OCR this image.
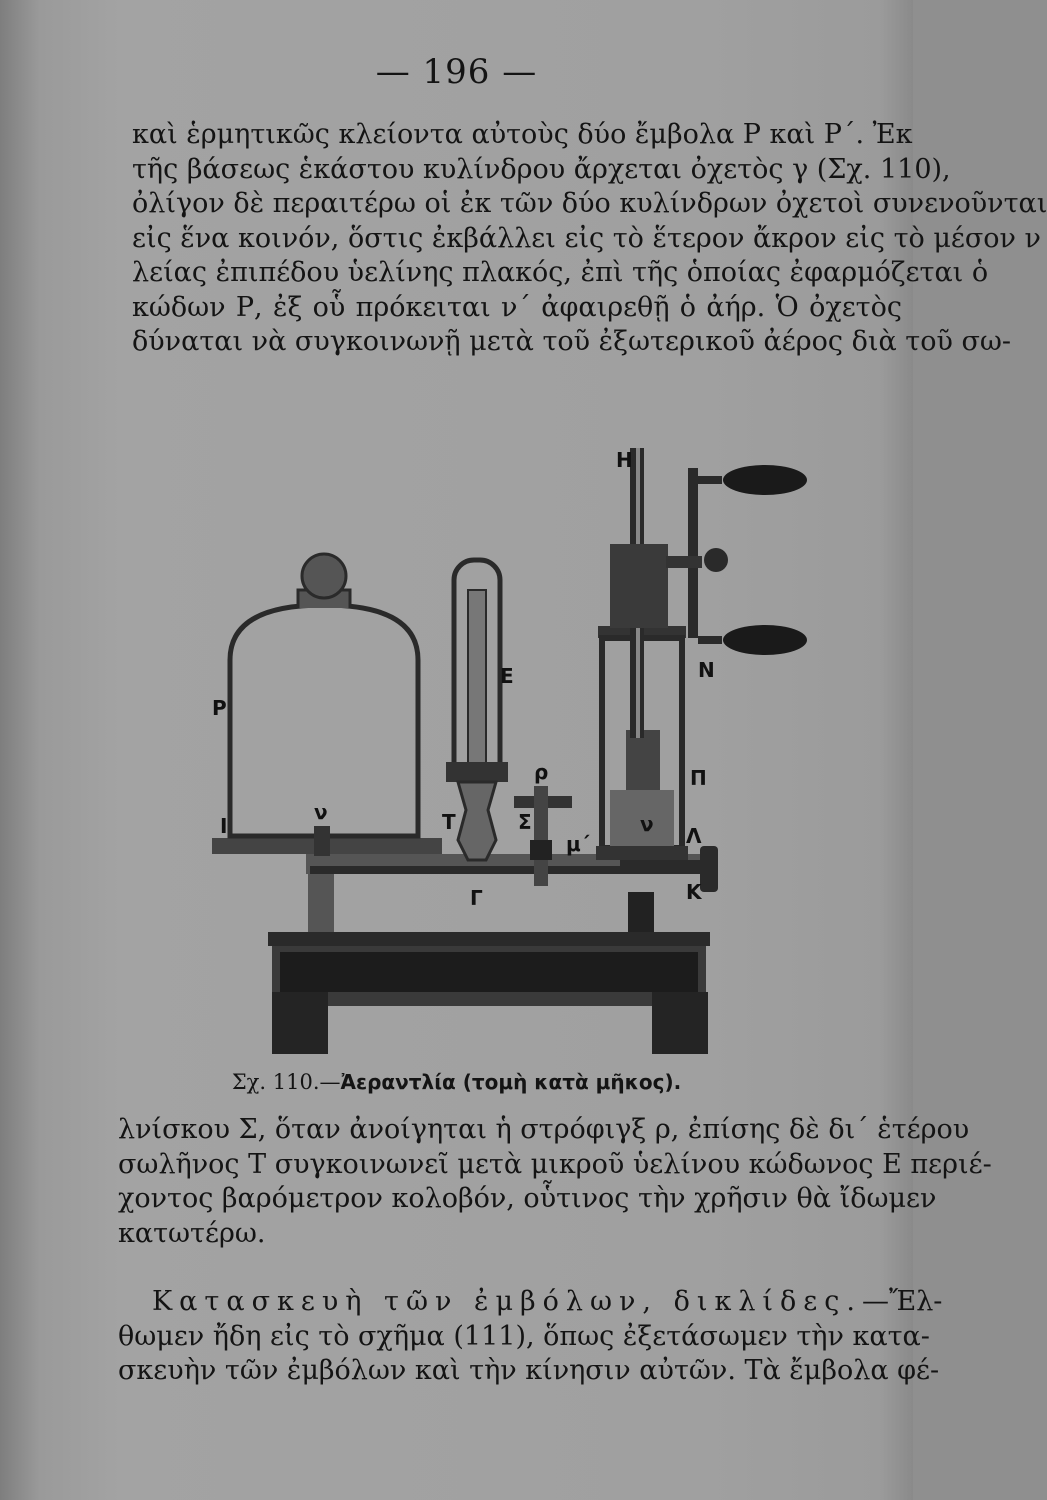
— 196 —
καὶ ἑρμητικῶς κλείοντα αὐτοὺς δύο ἔμβολα Ρ καὶ Ρ΄. Ἐκ
τῆς βάσεως ἑκάστου κυλίνδρου ἄρχεται ὀχετὸς γ (Σχ. 110),
ὀλίγον δὲ περαιτέρω οἱ ἐκ τῶν δύο κυλίνδρων ὀχετοὶ συνενοῦνται
εἰς ἕνα κοινόν, ὅστις ἐκβάλλει εἰς τὸ ἕτερον ἄκρον εἰς τὸ μέσον ν
λείας ἐπιπέδου ὑελίνης πλακός, ἐπὶ τῆς ὁποίας ἐφαρμόζεται ὁ
κώδων Ρ, ἐξ οὗ πρόκειται ν΄ ἀφαιρεθῇ ὁ ἀήρ. Ὁ ὀχετὸς
δύναται νὰ συγκοινωνῇ μετὰ τοῦ ἐξωτερικοῦ ἀέρος διὰ τοῦ σω-
H
N
E
P
ρ	Π
I
ν	T	Σ
μ΄
ν Λ
K
Γ
Σχ. 110.—Ἀεραντλία (τομὴ κατὰ μῆκος).
λνίσκου Σ, ὅταν ἀνοίγηται ἡ στρόφιγξ ρ, ἐπίσης δὲ δι΄ ἑτέρου
σωλῆνος Τ συγκοινωνεῖ μετὰ μικροῦ ὑελίνου κώδωνος Ε περιέ-
χοντος βαρόμετρον κολοβόν, οὗτινος τὴν χρῆσιν θὰ ἴδωμεν
κατωτέρω.
Κατασκευὴ τῶν ἐμβόλων, δικλίδες.—Ἔλ-
θωμεν ἤδη εἰς τὸ σχῆμα (111), ὅπως ἐξετάσωμεν τὴν κατα-
σκευὴν τῶν ἐμβόλων καὶ τὴν κίνησιν αὐτῶν. Τὰ ἔμβολα φέ-
